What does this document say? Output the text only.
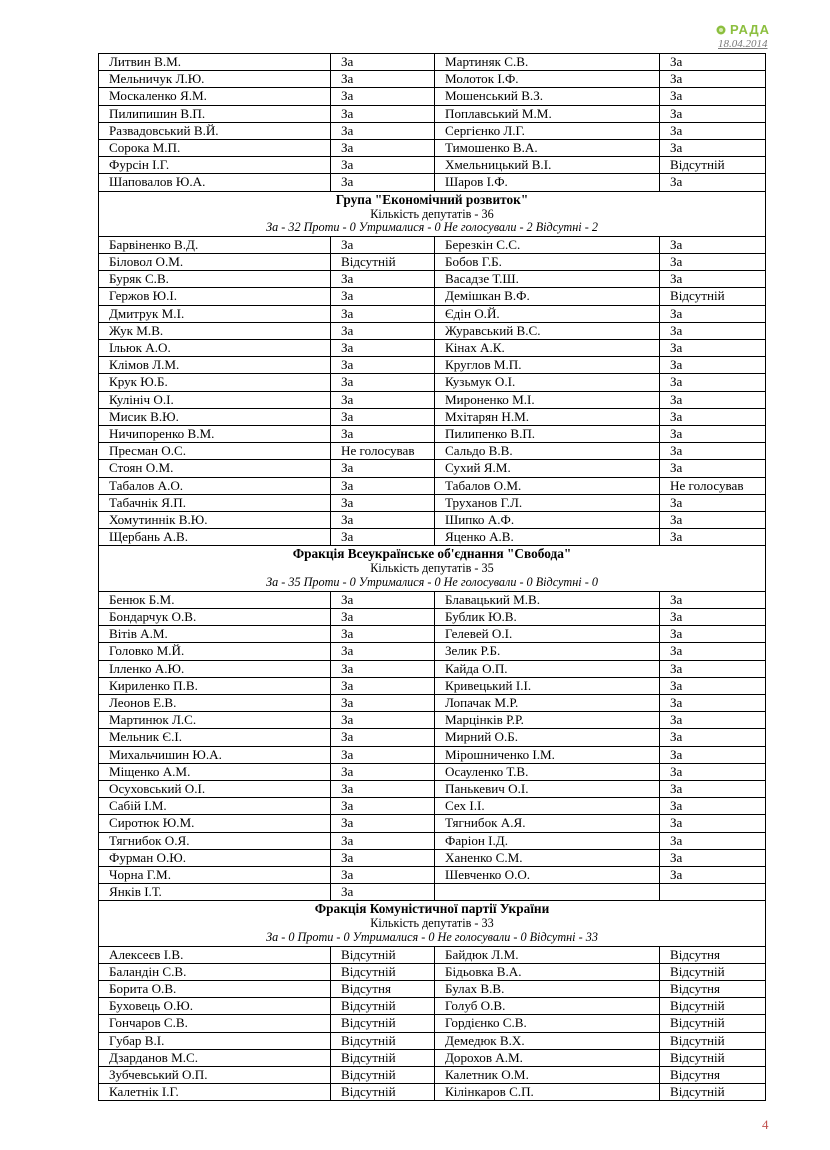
РАДА
18.04.2014
Литвин В.М.	За	Мартиняк С.В.	За
Мельничук Л.Ю.	За	Молоток І.Ф.	За
Москаленко Я.М.	За	Мошенський В.З.	За
Пилипишин В.П.	За	Поплавський М.М.	За
Развадовський В.Й.	За	Сергієнко Л.Г.	За
Сорока М.П.	За	Тимошенко В.А.	За
Фурсін І.Г.	За	Хмельницький В.І.	Відсутній
Шаповалов Ю.А.	За	Шаров І.Ф.	За

Група "Економічний розвиток"
Кількість депутатів - 36
За - 32 Проти - 0 Утрималися - 0 Не голосували - 2 Відсутні - 2			

Барвіненко В.Д.	За	Березкін С.С.	За
Біловол О.М.	Відсутній	Бобов Г.Б.	За
Буряк С.В.	За	Васадзе Т.Ш.	За
Гержов Ю.І.	За	Демішкан В.Ф.	Відсутній
Дмитрук М.І.	За	Єдін О.Й.	За
Жук М.В.	За	Журавський В.С.	За
Ільюк А.О.	За	Кінах А.К.	За
Клімов Л.М.	За	Круглов М.П.	За
Крук Ю.Б.	За	Кузьмук О.І.	За
Кулініч О.І.	За	Мироненко М.І.	За
Мисик В.Ю.	За	Мхітарян Н.М.	За
Ничипоренко В.М.	За	Пилипенко В.П.	За
Пресман О.С.	Не голосував	Сальдо В.В.	За
Стоян О.М.	За	Сухий Я.М.	За
Табалов А.О.	За	Табалов О.М.	Не голосував
Табачнік Я.П.	За	Труханов Г.Л.	За
Хомутиннік В.Ю.	За	Шипко А.Ф.	За
Щербань А.В.	За	Яценко А.В.	За

Фракція Всеукраїнське об'єднання "Свобода"
Кількість депутатів - 35
За - 35 Проти - 0 Утрималися - 0 Не голосували - 0 Відсутні - 0			

Бенюк Б.М.	За	Блавацький М.В.	За
Бондарчук О.В.	За	Бублик Ю.В.	За
Вітів А.М.	За	Гелевей О.І.	За
Головко М.Й.	За	Зелик Р.Б.	За
Ілленко А.Ю.	За	Кайда О.П.	За
Кириленко П.В.	За	Кривецький І.І.	За
Леонов Е.В.	За	Лопачак М.Р.	За
Мартинюк Л.С.	За	Марцінків Р.Р.	За
Мельник Є.І.	За	Мирний О.Б.	За
Михальчишин Ю.А.	За	Мірошниченко І.М.	За
Міщенко А.М.	За	Осауленко Т.В.	За
Осуховський О.І.	За	Панькевич О.І.	За
Сабій І.М.	За	Сех І.І.	За
Сиротюк Ю.М.	За	Тягнибок А.Я.	За
Тягнибок О.Я.	За	Фаріон І.Д.	За
Фурман О.Ю.	За	Ханенко С.М.	За
Чорна Г.М.	За	Шевченко О.О.	За
Янків І.Т.	За		

Фракція Комуністичної партії України
Кількість депутатів - 33
За - 0 Проти - 0 Утрималися - 0 Не голосували - 0 Відсутні - 33			

Алексеєв І.В.	Відсутній	Байдюк Л.М.	Відсутня
Баландін С.В.	Відсутній	Бідьовка В.А.	Відсутній
Борита О.В.	Відсутня	Булах В.В.	Відсутня
Буховець О.Ю.	Відсутній	Голуб О.В.	Відсутній
Гончаров С.В.	Відсутній	Гордієнко С.В.	Відсутній
Губар В.І.	Відсутній	Демедюк В.Х.	Відсутній
Дзарданов М.С.	Відсутній	Дорохов А.М.	Відсутній
Зубчевський О.П.	Відсутній	Калетник О.М.	Відсутня
Калетнік І.Г.	Відсутній	Кілінкаров С.П.	Відсутній
4
